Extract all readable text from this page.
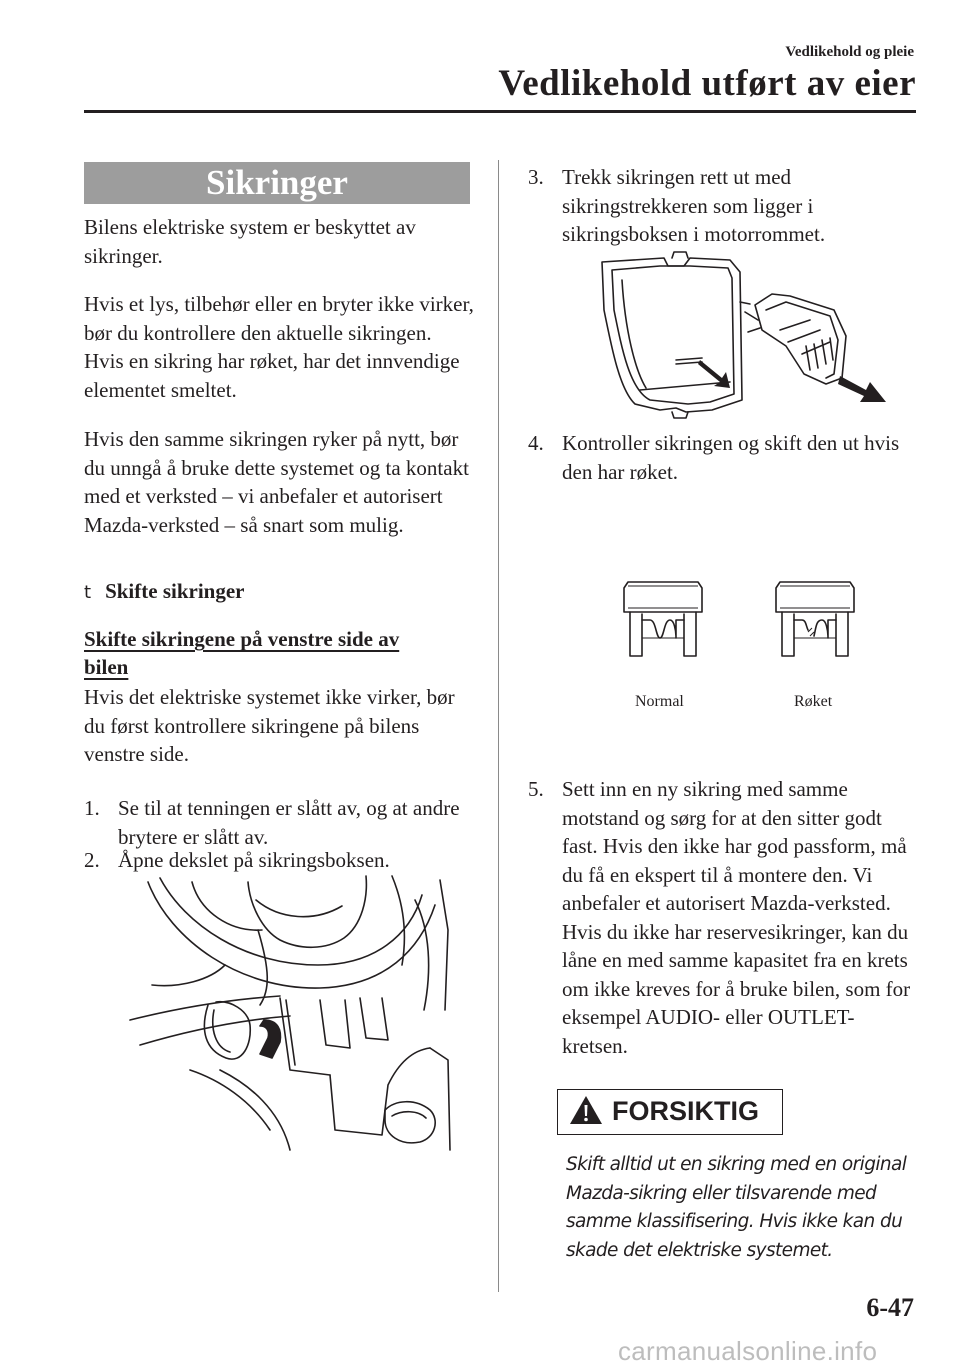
Vedlikehold og pleie
Vedlikehold utført av eier
Sikringer
Bilens elektriske system er beskyttet av sikringer.
Hvis et lys, tilbehør eller en bryter ikke virker, bør du kontrollere den aktuelle sikringen. Hvis en sikring har røket, har det innvendige elementet smeltet.
Hvis den samme sikringen ryker på nytt, bør du unngå å bruke dette systemet og ta kontakt med et verksted – vi anbefaler et autorisert Mazda-verksted – så snart som mulig.
t Skifte sikringer
Skifte sikringene på venstre side av bilen
Hvis det elektriske systemet ikke virker, bør du først kontrollere sikringene på bilens venstre side.
1. Se til at tenningen er slått av, og at andre brytere er slått av.
2. Åpne dekslet på sikringsboksen.
3. Trekk sikringen rett ut med sikringstrekkeren som ligger i sikringsboksen i motorrommet.
4. Kontroller sikringen og skift den ut hvis den har røket.
Normal	Røket
5. Sett inn en ny sikring med samme motstand og sørg for at den sitter godt fast. Hvis den ikke har god passform, må du få en ekspert til å montere den. Vi anbefaler et autorisert Mazda-verksted. Hvis du ikke har reservesikringer, kan du låne en med samme kapasitet fra en krets om ikke kreves for å bruke bilen, som for eksempel AUDIO- eller OUTLET-kretsen.
FORSIKTIG
Skift alltid ut en sikring med en original Mazda-sikring eller tilsvarende med samme klassifisering. Hvis ikke kan du skade det elektriske systemet.
6-47
carmanualsonline.info
